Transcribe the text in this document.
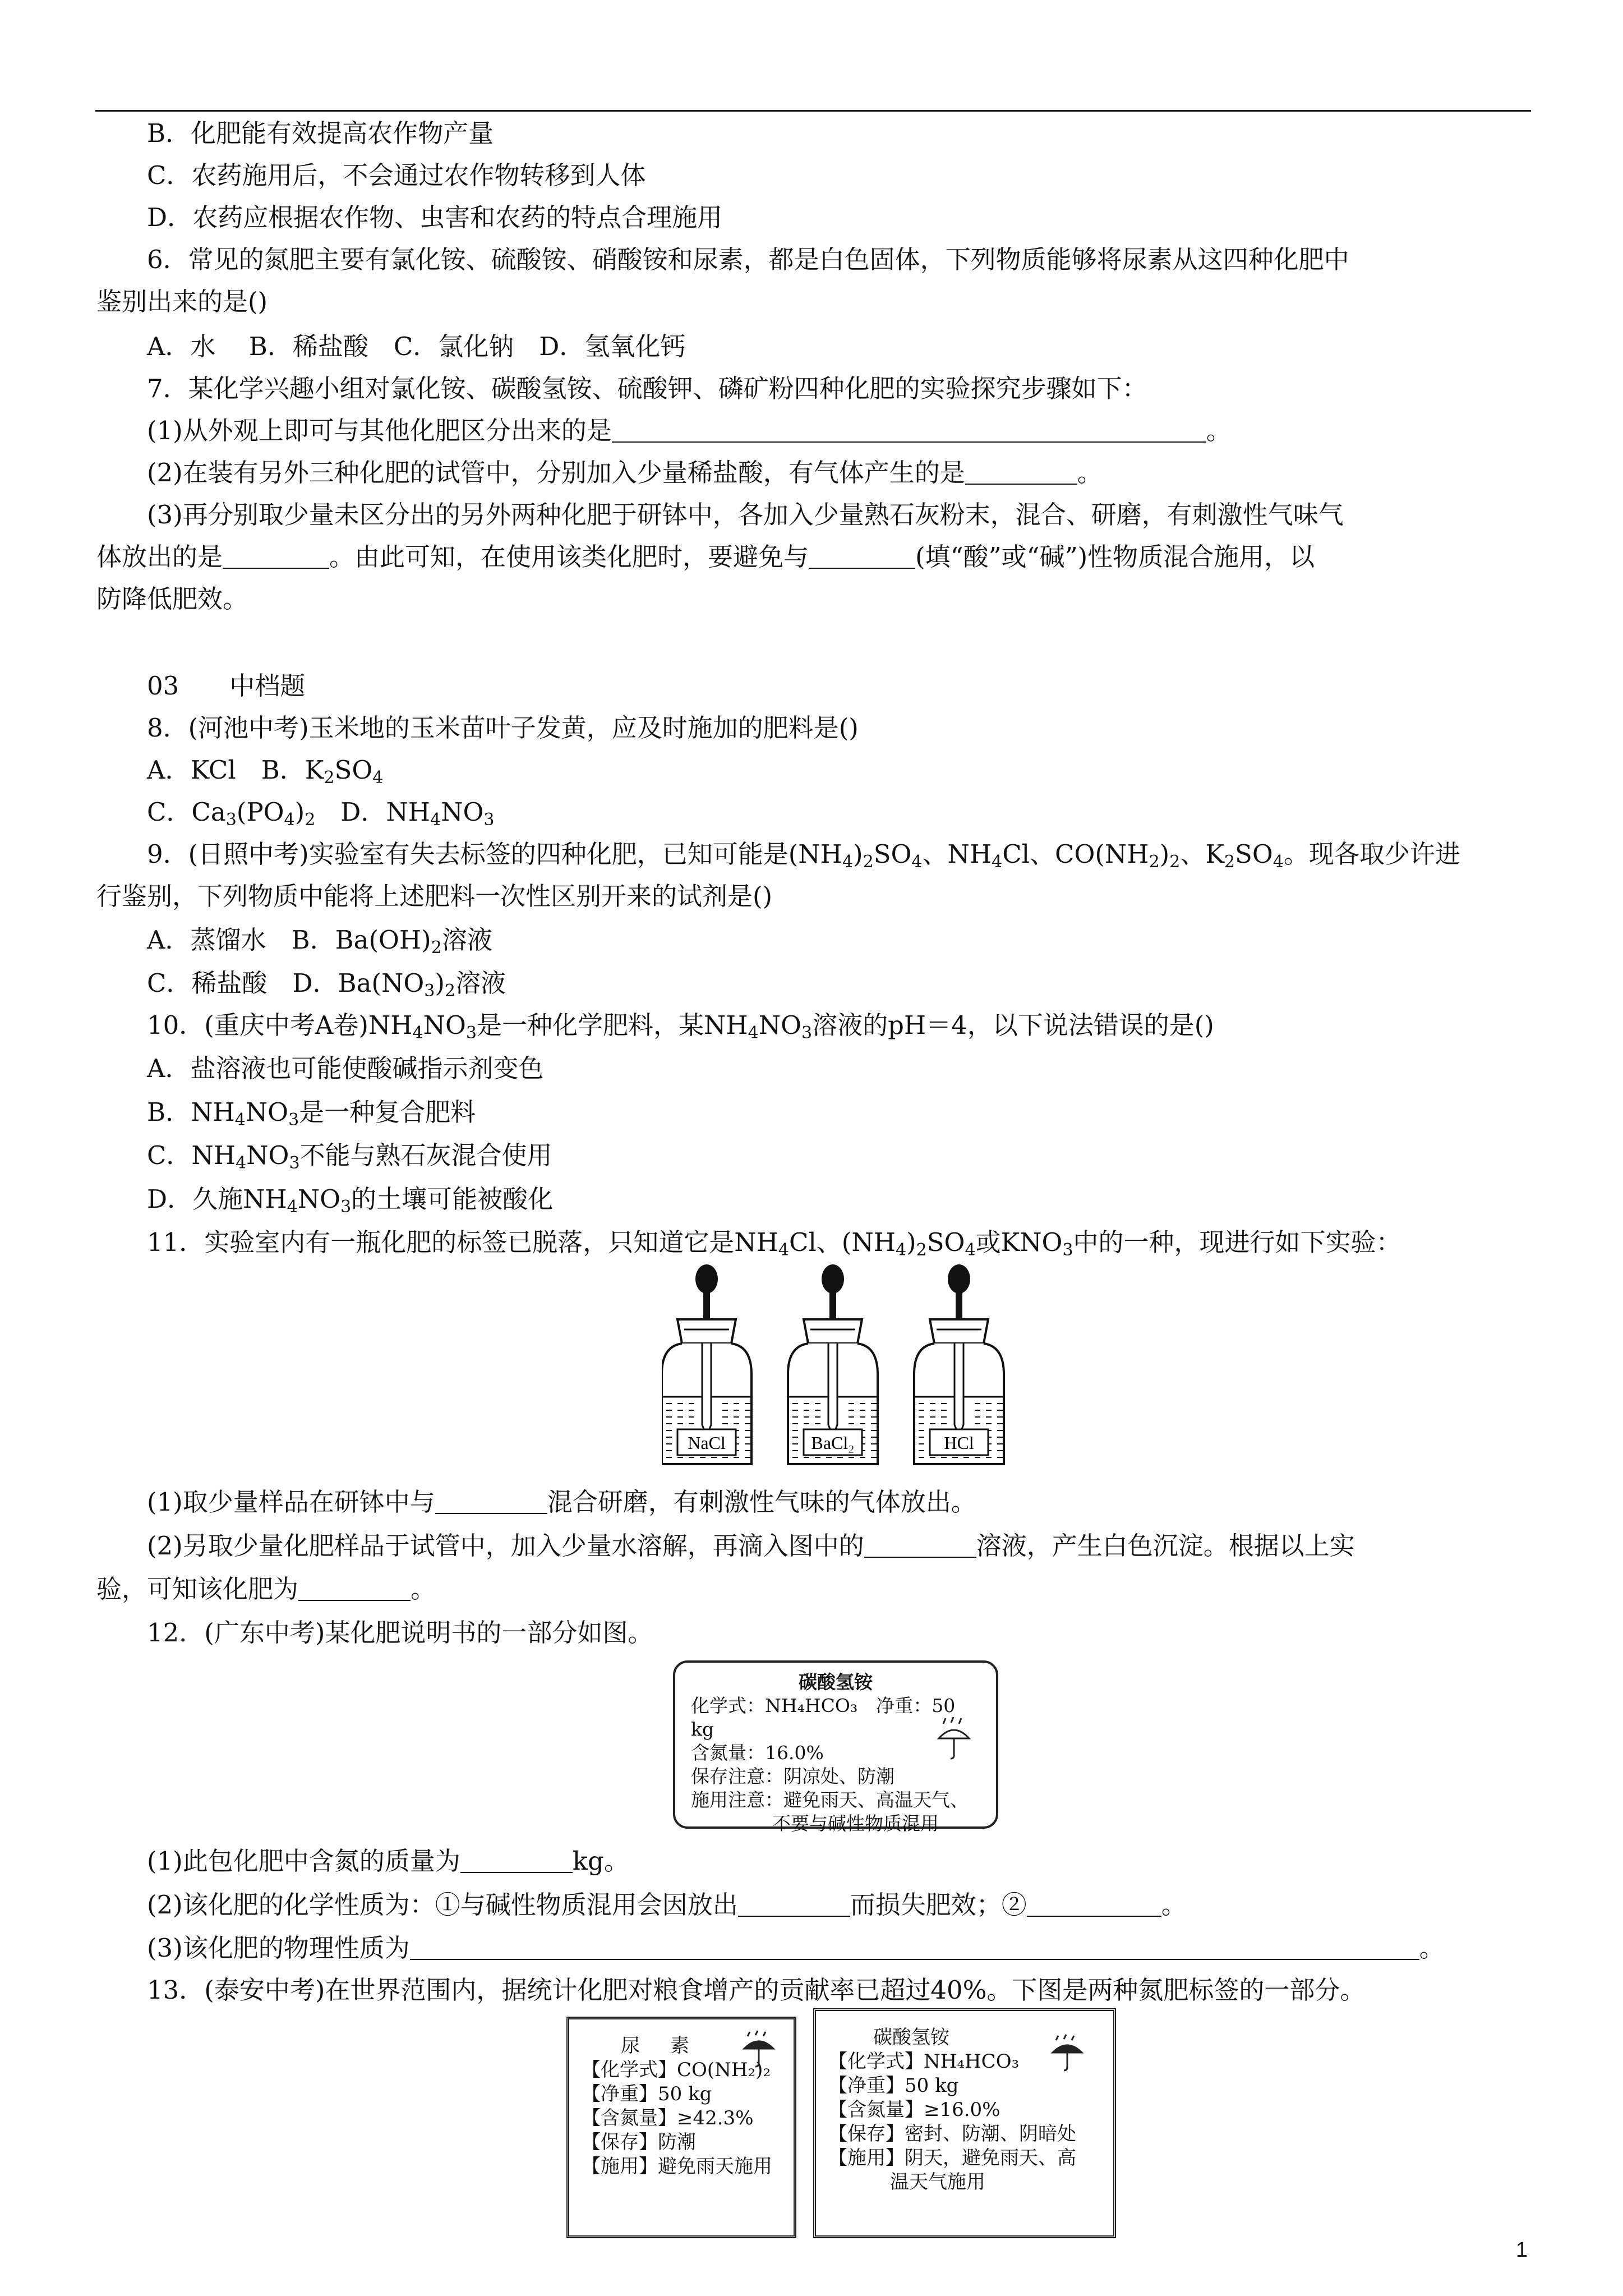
B．化肥能有效提高农作物产量
C．农药施用后，不会通过农作物转移到人体
D．农药应根据农作物、虫害和农药的特点合理施用
6．常见的氮肥主要有氯化铵、硫酸铵、硝酸铵和尿素，都是白色固体，下列物质能够将尿素从这四种化肥中
鉴别出来的是()
A．水　 B．稀盐酸　C．氯化钠　D．氢氧化钙
7．某化学兴趣小组对氯化铵、碳酸氢铵、硫酸钾、磷矿粉四种化肥的实验探究步骤如下：
(1)从外观上即可与其他化肥区分出来的是	。
(2)在装有另外三种化肥的试管中，分别加入少量稀盐酸，有气体产生的是	。
(3)再分别取少量未区分出的另外两种化肥于研钵中，各加入少量熟石灰粉末，混合、研磨，有刺激性气味气
体放出的是	。由此可知，在使用该类化肥时，要避免与	(填“酸”或“碱”)性物质混合施用，以
防降低肥效。
03　　中档题
8．(河池中考)玉米地的玉米苗叶子发黄，应及时施加的肥料是()
A．KCl　B．$K_2SO_4$
C．$Ca_3(PO_4)_2$　D．$NH_4NO_3$
9．(日照中考)实验室有失去标签的四种化肥，已知可能是$(NH_4)_2SO_4$、$NH_4Cl$、$CO(NH_2)_2$、$K_2SO_4$。现各取少许进
行鉴别，下列物质中能将上述肥料一次性区别开来的试剂是()
A．蒸馏水　B．$Ba(OH)_2$溶液
C．稀盐酸　D．$Ba(NO_3)_2$溶液
10．(重庆中考A卷)$NH_4NO_3$是一种化学肥料，某$NH_4NO_3$溶液的pH＝4，以下说法错误的是()
A．盐溶液也可能使酸碱指示剂变色
B．$NH_4NO_3$是一种复合肥料
C．$NH_4NO_3$不能与熟石灰混合使用
D．久施$NH_4NO_3$的土壤可能被酸化
11．实验室内有一瓶化肥的标签已脱落，只知道它是$NH_4Cl$、$(NH_4)_2SO_4$或$KNO_3$中的一种，现进行如下实验：
NaCl	BaCl₂	HCl
(1)取少量样品在研钵中与	混合研磨，有刺激性气味的气体放出。
(2)另取少量化肥样品于试管中，加入少量水溶解，再滴入图中的	溶液，产生白色沉淀。根据以上实
验，可知该化肥为	。
12．(广东中考)某化肥说明书的一部分如图。
碳酸氢铵
化学式：NH₄HCO₃　 净重：50 kg
含氮量：16.0%
保存注意：阴凉处、防潮
施用注意：避免雨天、高温天气、
不要与碱性物质混用
(1)此包化肥中含氮的质量为	kg。
(2)该化肥的化学性质为：①与碱性物质混用会因放出	而损失肥效；②	。
(3)该化肥的物理性质为	。
13．(泰安中考)在世界范围内，据统计化肥对粮食增产的贡献率已超过40%。下图是两种氮肥标签的一部分。
尿　素
【化学式】CO(NH₂)₂
【净重】50 kg
【含氮量】≥42.3%
【保存】防潮
【施用】避免雨天施用
碳酸氢铵
【化学式】NH₄HCO₃
【净重】50 kg
【含氮量】≥16.0%
【保存】密封、防潮、阴暗处
【施用】阴天，避免雨天、高
温天气施用
1
